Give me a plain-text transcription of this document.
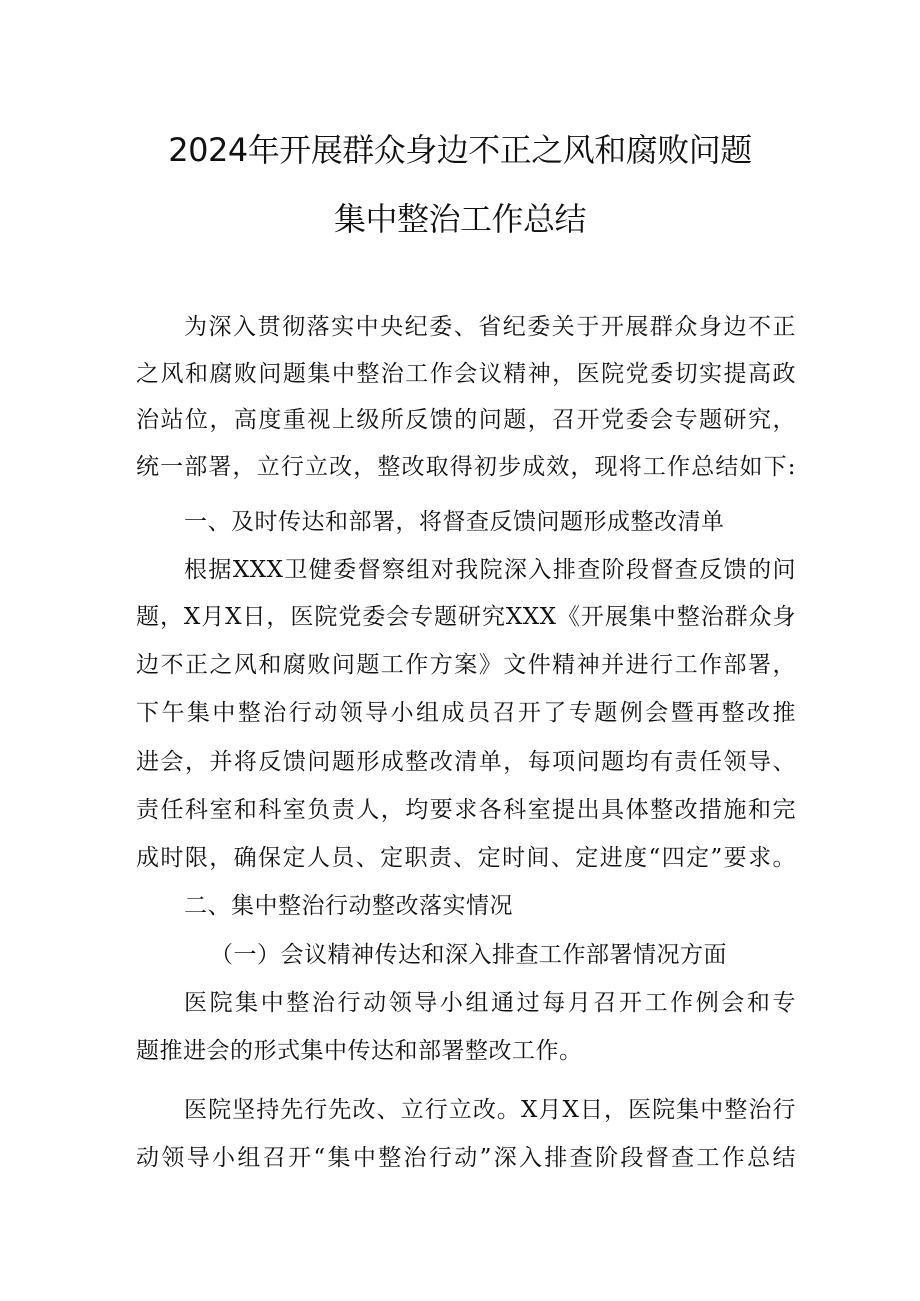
2024年开展群众身边不正之风和腐败问题
集中整治工作总结
为深入贯彻落实中央纪委、省纪委关于开展群众身边不正
之风和腐败问题集中整治工作会议精神，医院党委切实提高政
治站位，高度重视上级所反馈的问题，召开党委会专题研究，
统一部署，立行立改，整改取得初步成效，现将工作总结如下:
一、及时传达和部署，将督查反馈问题形成整改清单
根据XXX卫健委督察组对我院深入排查阶段督查反馈的问
题，X月X日，医院党委会专题研究XXX《开展集中整治群众身
边不正之风和腐败问题工作方案》文件精神并进行工作部署，
下午集中整治行动领导小组成员召开了专题例会暨再整改推
进会，并将反馈问题形成整改清单，每项问题均有责任领导、
责任科室和科室负责人，均要求各科室提出具体整改措施和完
成时限，确保定人员、定职责、定时间、定进度“四定”要求。
二、集中整治行动整改落实情况
（一）会议精神传达和深入排查工作部署情况方面
医院集中整治行动领导小组通过每月召开工作例会和专
题推进会的形式集中传达和部署整改工作。
医院坚持先行先改、立行立改。X月X日，医院集中整治行
动领导小组召开“集中整治行动”深入排查阶段督查工作总结
